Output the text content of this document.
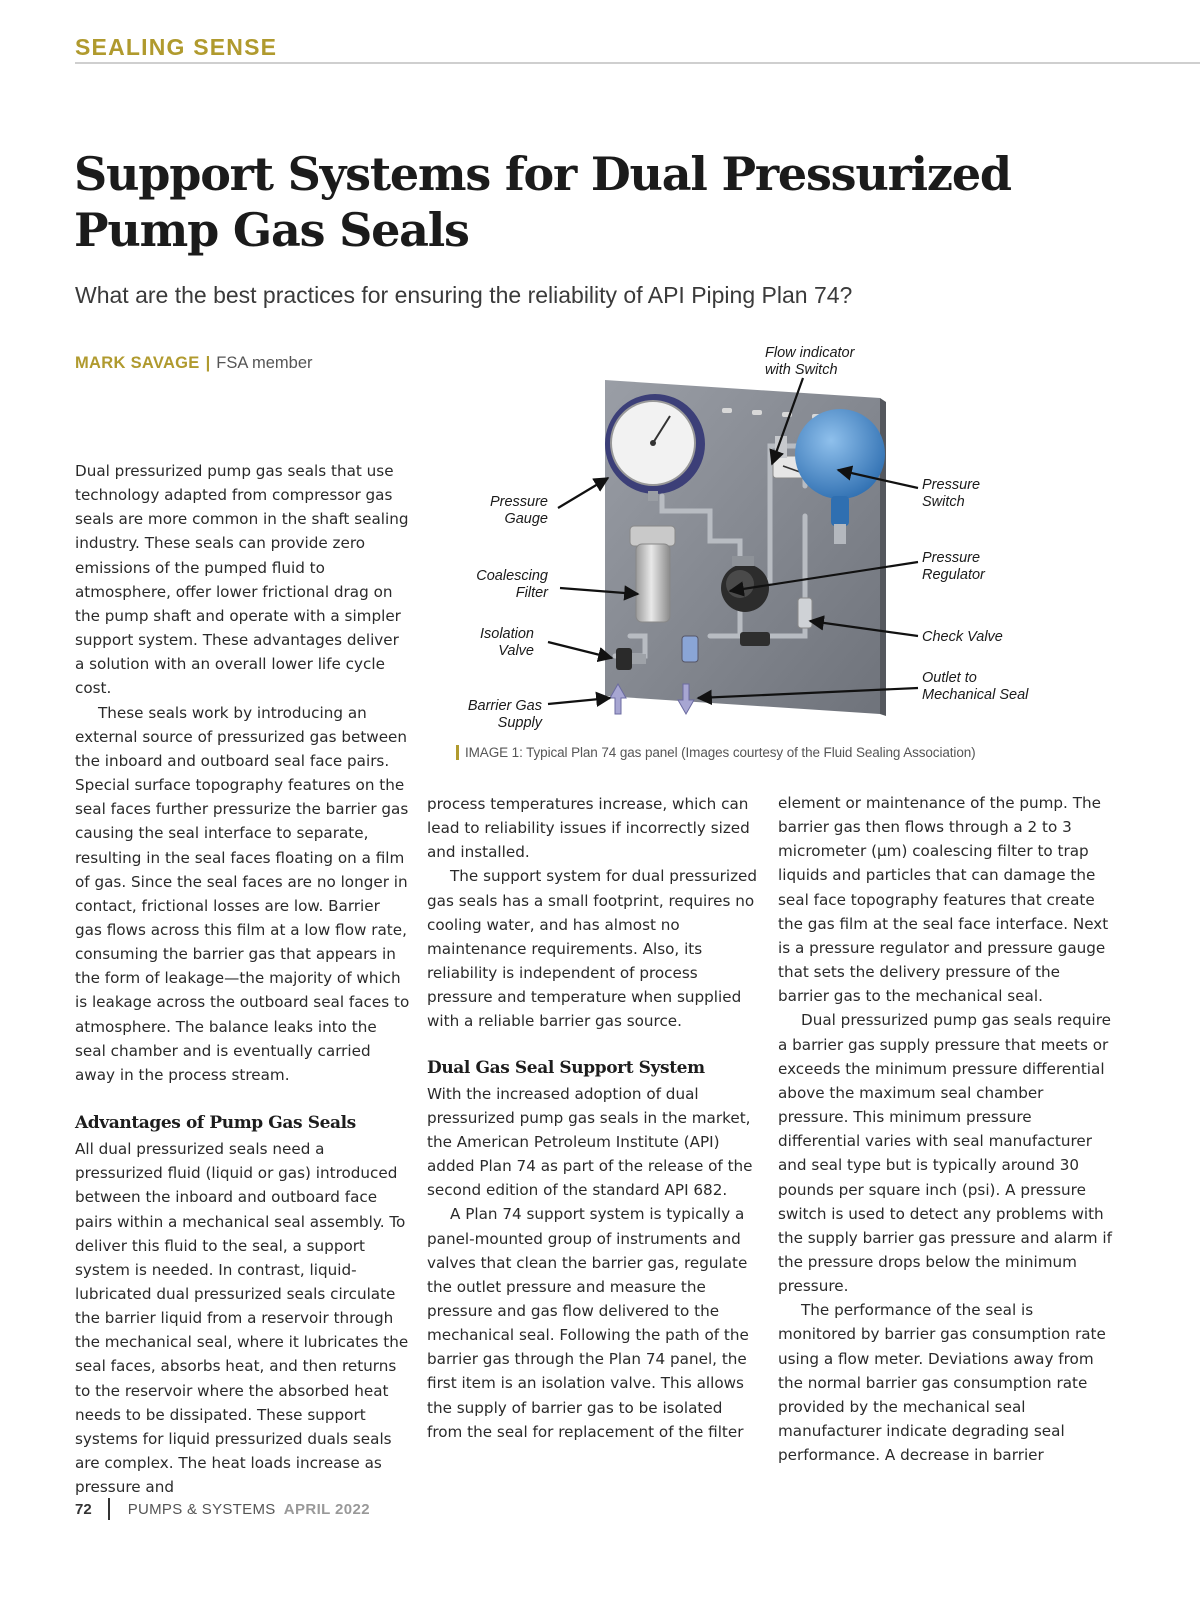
SEALING SENSE
Support Systems for Dual Pressurized
Pump Gas Seals
What are the best practices for ensuring the reliability of API Piping Plan 74?
MARK SAVAGE | FSA member

Dual pressurized pump gas seals that use technology adapted from compressor gas seals are more common in the shaft sealing industry. These seals can provide zero emissions of the pumped fluid to atmosphere, offer lower frictional drag on the pump shaft and operate with a simpler support system. These advantages deliver a solution with an overall lower life cycle cost.

These seals work by introducing an external source of pressurized gas between the inboard and outboard seal face pairs. Special surface topography features on the seal faces further pressurize the barrier gas causing the seal interface to separate, resulting in the seal faces floating on a film of gas. Since the seal faces are no longer in contact, frictional losses are low. Barrier gas flows across this film at a low flow rate, consuming the barrier gas that appears in the form of leakage—the majority of which is leakage across the outboard seal faces to atmosphere. The balance leaks into the seal chamber and is eventually carried away in the process stream.

Advantages of Pump Gas Seals

All dual pressurized seals need a pressurized fluid (liquid or gas) introduced between the inboard and outboard face pairs within a mechanical seal assembly. To deliver this fluid to the seal, a support system is needed. In contrast, liquid-lubricated dual pressurized seals circulate the barrier liquid from a reservoir through the mechanical seal, where it lubricates the seal faces, absorbs heat, and then returns to the reservoir where the absorbed heat needs to be dissipated. These support systems for liquid pressurized duals seals are complex. The heat loads increase as pressure and

Flow indicator
with Switch
Pressure
Gauge
Coalescing
Filter
Isolation
Valve
Barrier Gas
Supply
Pressure
Switch
Pressure
Regulator
Check Valve
Outlet to
Mechanical Seal
IMAGE 1: Typical Plan 74 gas panel (Images courtesy of the Fluid Sealing Association)

process temperatures increase, which can lead to reliability issues if incorrectly sized and installed.

The support system for dual pressurized gas seals has a small footprint, requires no cooling water, and has almost no maintenance requirements. Also, its reliability is independent of process pressure and temperature when supplied with a reliable barrier gas source.

Dual Gas Seal Support System

With the increased adoption of dual pressurized pump gas seals in the market, the American Petroleum Institute (API) added Plan 74 as part of the release of the second edition of the standard API 682.

A Plan 74 support system is typically a panel-mounted group of instruments and valves that clean the barrier gas, regulate the outlet pressure and measure the pressure and gas flow delivered to the mechanical seal. Following the path of the barrier gas through the Plan 74 panel, the first item is an isolation valve. This allows the supply of barrier gas to be isolated from the seal for replacement of the filter

element or maintenance of the pump. The barrier gas then flows through a 2 to 3 micrometer (µm) coalescing filter to trap liquids and particles that can damage the seal face topography features that create the gas film at the seal face interface. Next is a pressure regulator and pressure gauge that sets the delivery pressure of the barrier gas to the mechanical seal.

Dual pressurized pump gas seals require a barrier gas supply pressure that meets or exceeds the minimum pressure differential above the maximum seal chamber pressure. This minimum pressure differential varies with seal manufacturer and seal type but is typically around 30 pounds per square inch (psi). A pressure switch is used to detect any problems with the supply barrier gas pressure and alarm if the pressure drops below the minimum pressure.

The performance of the seal is monitored by barrier gas consumption rate using a flow meter. Deviations away from the normal barrier gas consumption rate provided by the mechanical seal manufacturer indicate degrading seal performance. A decrease in barrier

72 PUMPS & SYSTEMS APRIL 2022
